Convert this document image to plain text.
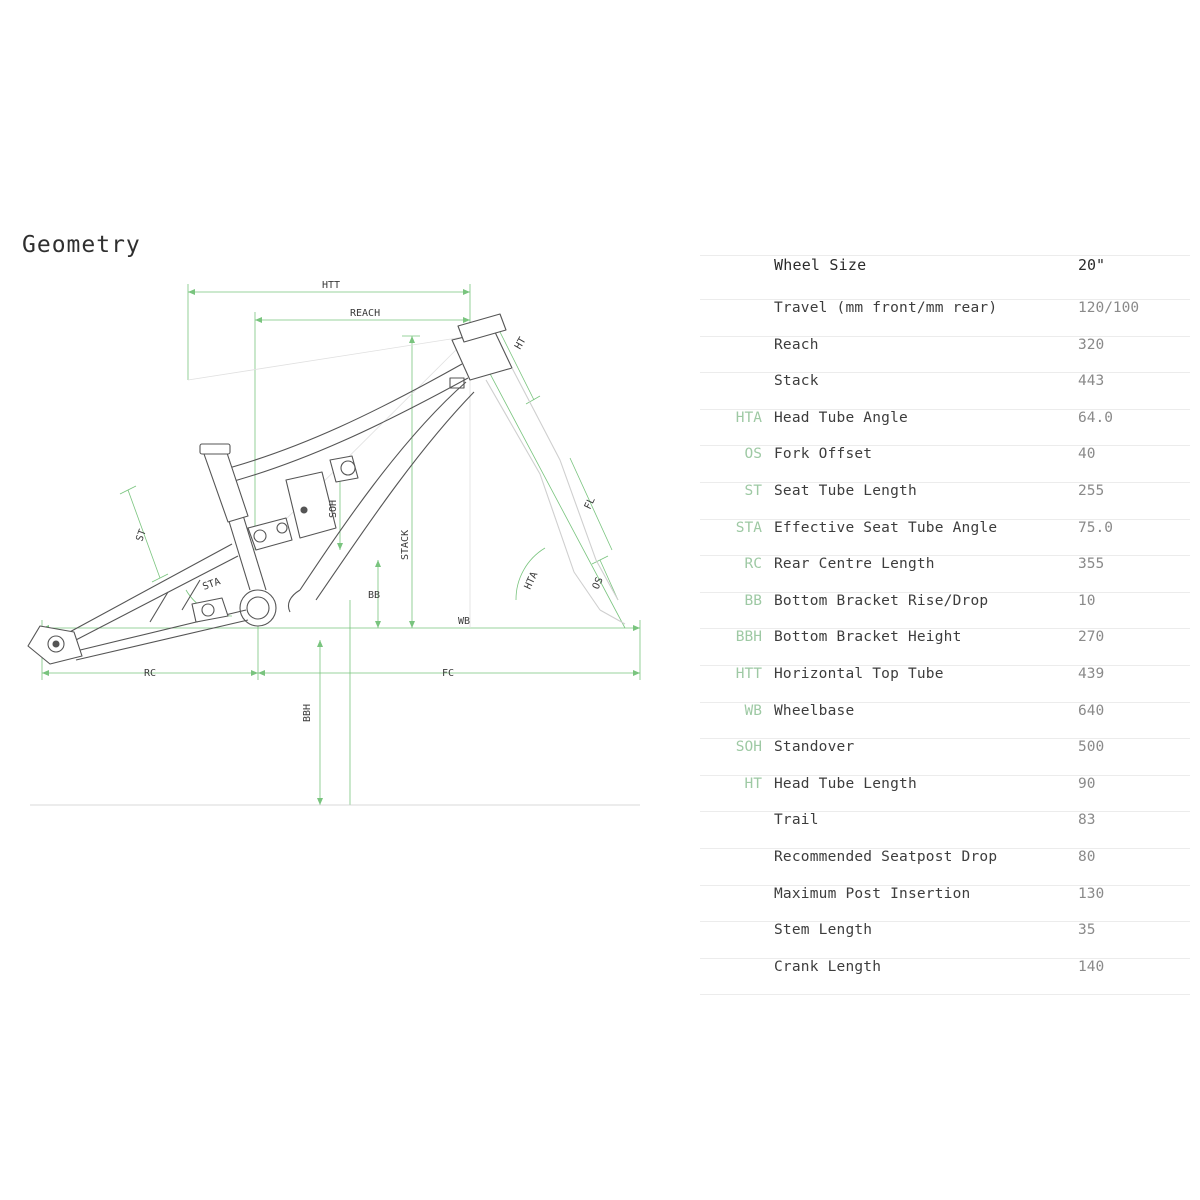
Geometry
HTT
REACH
HT
ST
SOH
STACK
FL
HTA	OS
STA
BB
WB
RC	FC
BBH
Wheel Size	20"
Travel (mm front/mm rear)	120/100
Reach	320
Stack	443
HTA Head Tube Angle	64.0
OS Fork Offset	40
ST Seat Tube Length	255
STA Effective Seat Tube Angle	75.0
RC Rear Centre Length	355
BB Bottom Bracket Rise/Drop	10
BBH Bottom Bracket Height	270
HTT Horizontal Top Tube	439
WB Wheelbase	640
SOH Standover	500
HT Head Tube Length	90
Trail	83
Recommended Seatpost Drop	80
Maximum Post Insertion	130
Stem Length	35
Crank Length	140
